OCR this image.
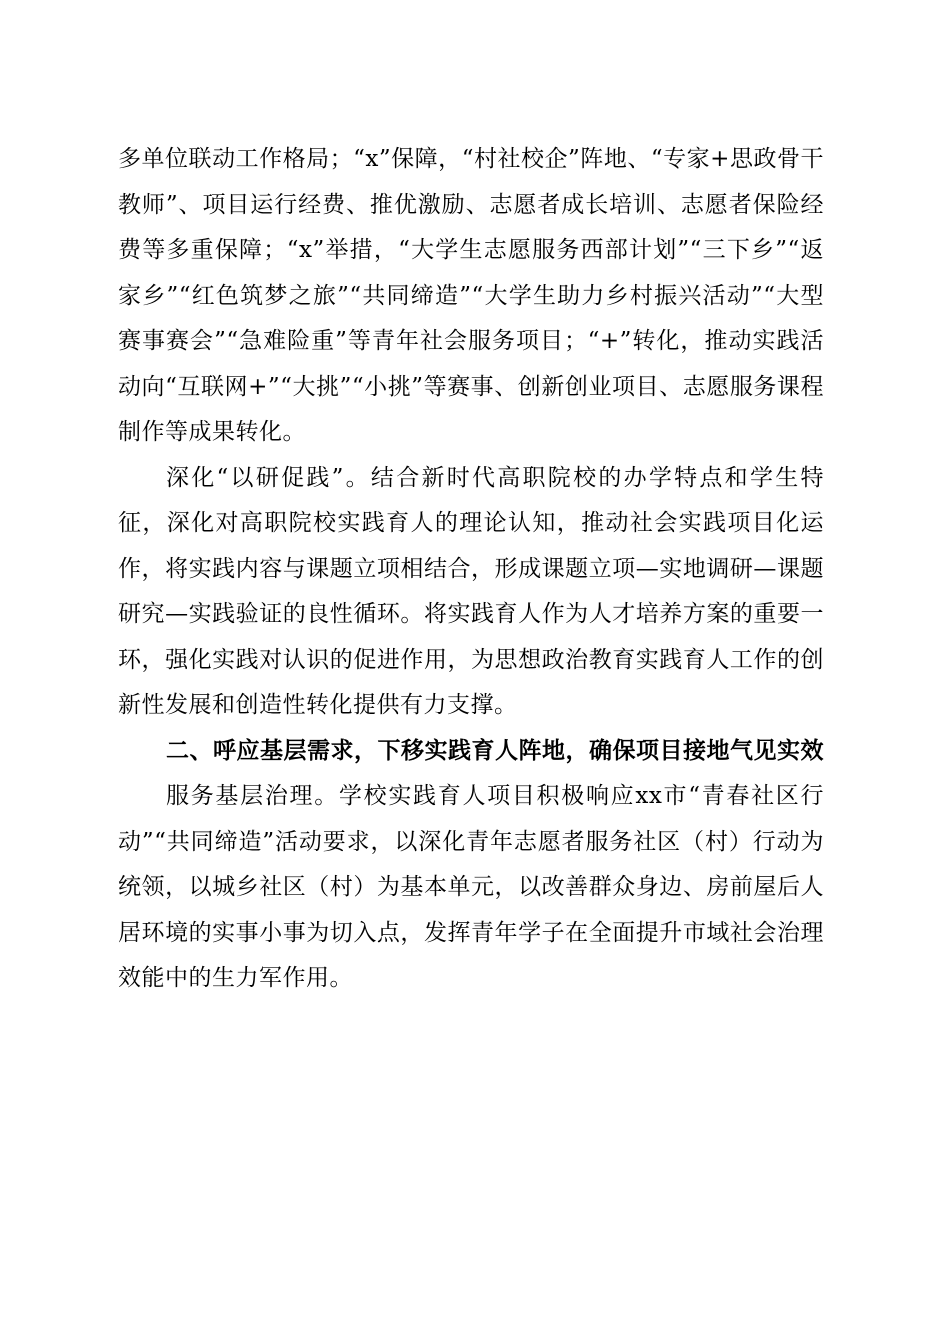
多单位联动工作格局；“x”保障，“村社校企”阵地、“专家+思政骨干教师”、项目运行经费、推优激励、志愿者成长培训、志愿者保险经费等多重保障；“x”举措，“大学生志愿服务西部计划”“三下乡”“返家乡”“红色筑梦之旅”“共同缔造”“大学生助力乡村振兴活动”“大型赛事赛会”“急难险重”等青年社会服务项目；“+”转化，推动实践活动向“互联网+”“大挑”“小挑”等赛事、创新创业项目、志愿服务课程制作等成果转化。

深化“以研促践”。结合新时代高职院校的办学特点和学生特征，深化对高职院校实践育人的理论认知，推动社会实践项目化运作，将实践内容与课题立项相结合，形成课题立项—实地调研—课题研究—实践验证的良性循环。将实践育人作为人才培养方案的重要一环，强化实践对认识的促进作用，为思想政治教育实践育人工作的创新性发展和创造性转化提供有力支撑。

二、呼应基层需求，下移实践育人阵地，确保项目接地气见实效

服务基层治理。学校实践育人项目积极响应xx市“青春社区行动”“共同缔造”活动要求，以深化青年志愿者服务社区（村）行动为统领，以城乡社区（村）为基本单元，以改善群众身边、房前屋后人居环境的实事小事为切入点，发挥青年学子在全面提升市域社会治理效能中的生力军作用。
